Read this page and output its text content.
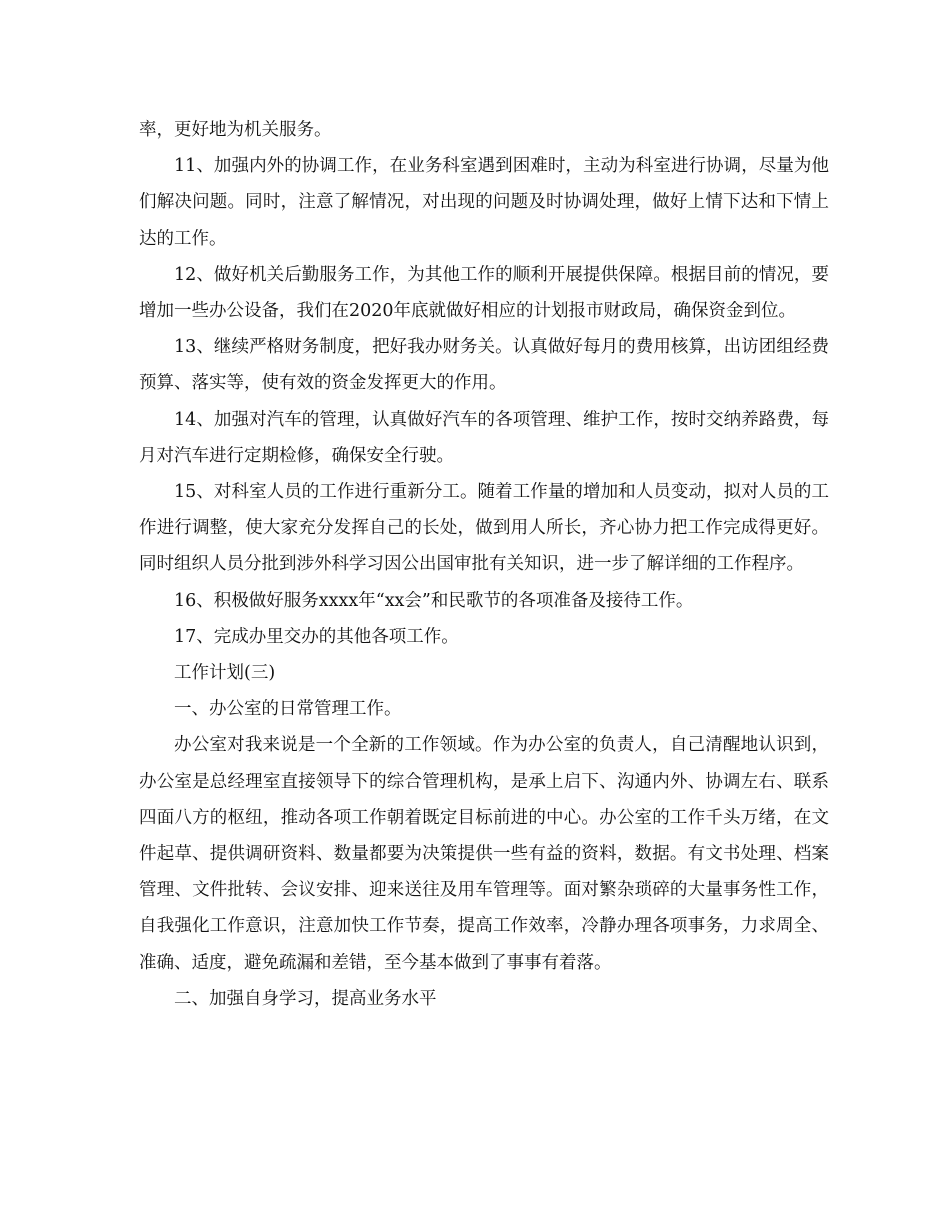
率，更好地为机关服务。

11、加强内外的协调工作，在业务科室遇到困难时，主动为科室进行协调，尽量为他们解决问题。同时，注意了解情况，对出现的问题及时协调处理，做好上情下达和下情上达的工作。

12、做好机关后勤服务工作，为其他工作的顺利开展提供保障。根据目前的情况，要增加一些办公设备，我们在2020年底就做好相应的计划报市财政局，确保资金到位。

13、继续严格财务制度，把好我办财务关。认真做好每月的费用核算，出访团组经费预算、落实等，使有效的资金发挥更大的作用。

14、加强对汽车的管理，认真做好汽车的各项管理、维护工作，按时交纳养路费，每月对汽车进行定期检修，确保安全行驶。

15、对科室人员的工作进行重新分工。随着工作量的增加和人员变动，拟对人员的工作进行调整，使大家充分发挥自己的长处，做到用人所长，齐心协力把工作完成得更好。同时组织人员分批到涉外科学习因公出国审批有关知识，进一步了解详细的工作程序。

16、积极做好服务xxxx年“xx会”和民歌节的各项准备及接待工作。

17、完成办里交办的其他各项工作。

工作计划(三)

一、办公室的日常管理工作。

办公室对我来说是一个全新的工作领域。作为办公室的负责人，自己清醒地认识到，办公室是总经理室直接领导下的综合管理机构，是承上启下、沟通内外、协调左右、联系四面八方的枢纽，推动各项工作朝着既定目标前进的中心。办公室的工作千头万绪，在文件起草、提供调研资料、数量都要为决策提供一些有益的资料，数据。有文书处理、档案管理、文件批转、会议安排、迎来送往及用车管理等。面对繁杂琐碎的大量事务性工作，自我强化工作意识，注意加快工作节奏，提高工作效率，冷静办理各项事务，力求周全、准确、适度，避免疏漏和差错，至今基本做到了事事有着落。

二、加强自身学习，提高业务水平
